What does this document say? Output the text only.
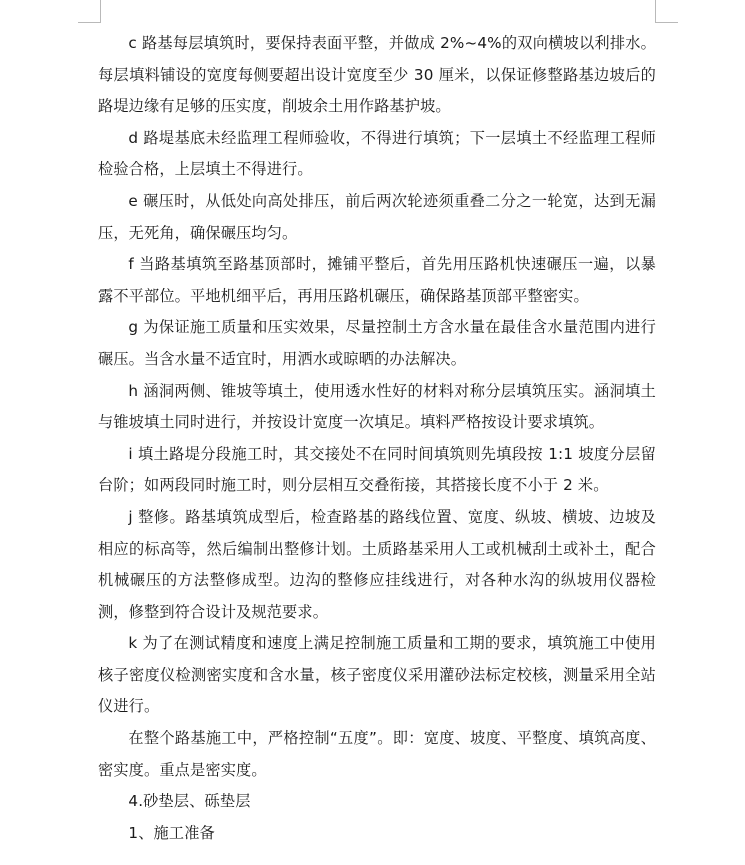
c 路基每层填筑时，要保持表面平整，并做成 2%~4%的双向横坡以利排水。每层填料铺设的宽度每侧要超出设计宽度至少 30 厘米，以保证修整路基边坡后的路堤边缘有足够的压实度，削坡余土用作路基护坡。

d 路堤基底未经监理工程师验收，不得进行填筑；下一层填土不经监理工程师检验合格，上层填土不得进行。

e 碾压时，从低处向高处排压，前后两次轮迹须重叠二分之一轮宽，达到无漏压，无死角，确保碾压均匀。

f 当路基填筑至路基顶部时，摊铺平整后，首先用压路机快速碾压一遍，以暴露不平部位。平地机细平后，再用压路机碾压，确保路基顶部平整密实。

g 为保证施工质量和压实效果，尽量控制土方含水量在最佳含水量范围内进行碾压。当含水量不适宜时，用洒水或晾晒的办法解决。

h 涵洞两侧、锥坡等填土，使用透水性好的材料对称分层填筑压实。涵洞填土与锥坡填土同时进行，并按设计宽度一次填足。填料严格按设计要求填筑。

i 填土路堤分段施工时，其交接处不在同时间填筑则先填段按 1:1 坡度分层留台阶；如两段同时施工时，则分层相互交叠衔接，其搭接长度不小于 2 米。

j 整修。路基填筑成型后，检查路基的路线位置、宽度、纵坡、横坡、边坡及相应的标高等，然后编制出整修计划。土质路基采用人工或机械刮土或补土，配合机械碾压的方法整修成型。边沟的整修应挂线进行，对各种水沟的纵坡用仪器检测，修整到符合设计及规范要求。

k 为了在测试精度和速度上满足控制施工质量和工期的要求，填筑施工中使用核子密度仪检测密实度和含水量，核子密度仪采用灌砂法标定校核，测量采用全站仪进行。

在整个路基施工中，严格控制“五度”。即：宽度、坡度、平整度、填筑高度、密实度。重点是密实度。

4.砂垫层、砾垫层

1、施工准备
